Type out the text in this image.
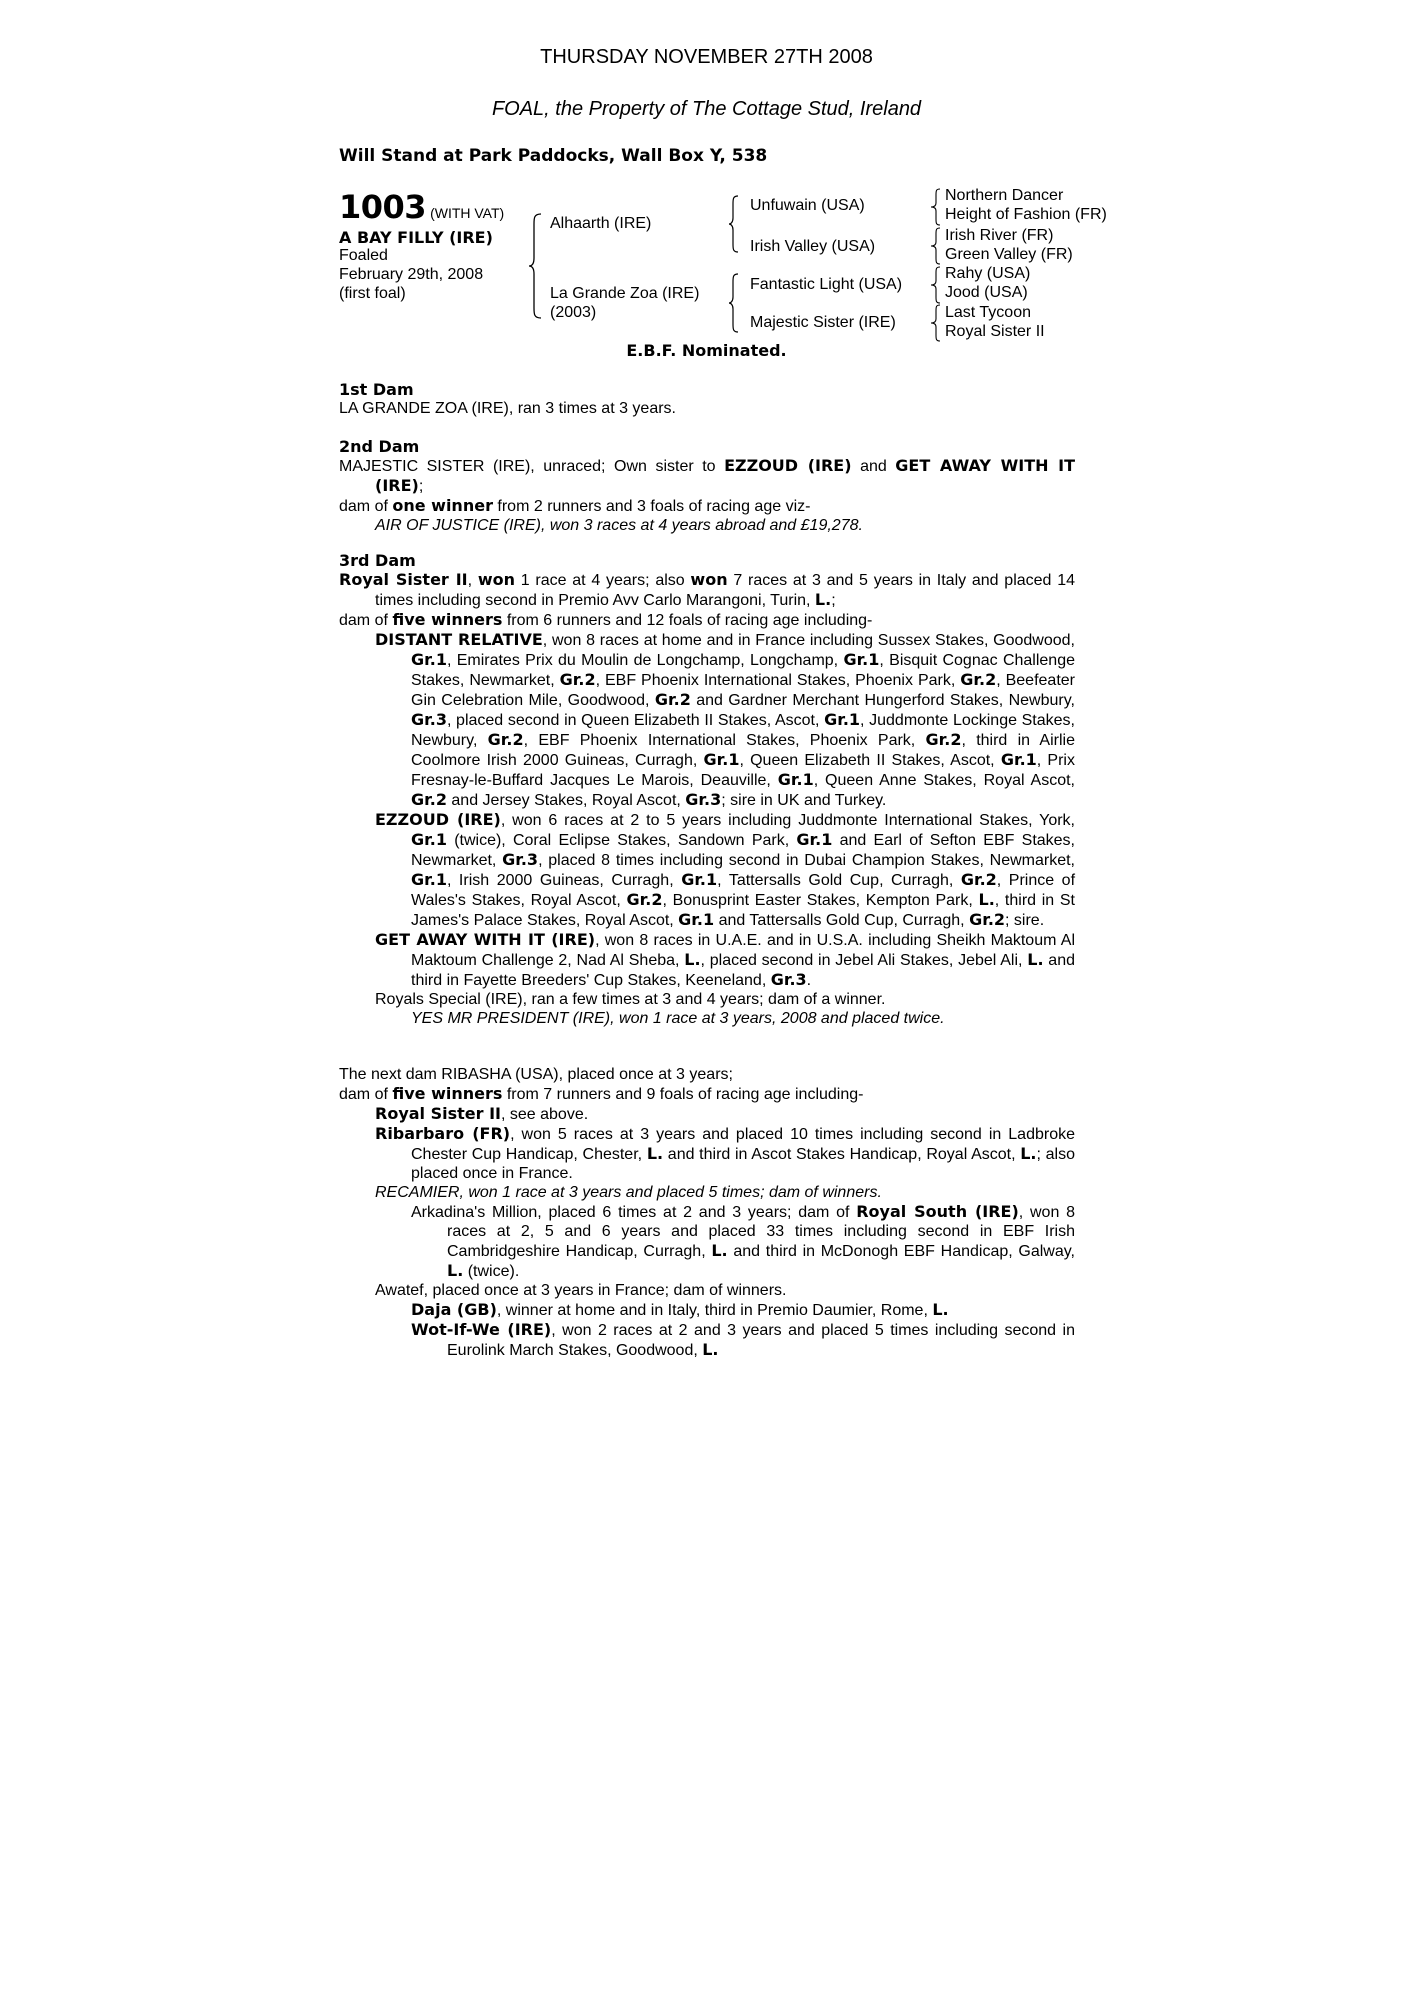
THURSDAY NOVEMBER 27TH 2008
FOAL, the Property of The Cottage Stud, Ireland
Will Stand at Park Paddocks, Wall Box Y, 538
1003 (WITH VAT)
A BAY FILLY (IRE)
Foaled
February 29th, 2008
(first foal)
Alhaarth (IRE)
La Grande Zoa (IRE)
(2003)
Unfuwain (USA)
Irish Valley (USA)
Fantastic Light (USA)
Majestic Sister (IRE)
Northern Dancer
Height of Fashion (FR)
Irish River (FR)
Green Valley (FR)
Rahy (USA)
Jood (USA)
Last Tycoon
Royal Sister II
E.B.F. Nominated.

1st Dam

LA GRANDE ZOA (IRE), ran 3 times at 3 years.

2nd Dam

MAJESTIC SISTER (IRE), unraced; Own sister to EZZOUD (IRE) and GET AWAY WITH IT (IRE);

dam of one winner from 2 runners and 3 foals of racing age viz-

AIR OF JUSTICE (IRE), won 3 races at 4 years abroad and £19,278.

3rd Dam

Royal Sister II, won 1 race at 4 years; also won 7 races at 3 and 5 years in Italy and placed 14 times including second in Premio Avv Carlo Marangoni, Turin, L.;

dam of five winners from 6 runners and 12 foals of racing age including-

DISTANT RELATIVE, won 8 races at home and in France including Sussex Stakes, Goodwood, Gr.1, Emirates Prix du Moulin de Longchamp, Longchamp, Gr.1, Bisquit Cognac Challenge Stakes, Newmarket, Gr.2, EBF Phoenix International Stakes, Phoenix Park, Gr.2, Beefeater Gin Celebration Mile, Goodwood, Gr.2 and Gardner Merchant Hungerford Stakes, Newbury, Gr.3, placed second in Queen Elizabeth II Stakes, Ascot, Gr.1, Juddmonte Lockinge Stakes, Newbury, Gr.2, EBF Phoenix International Stakes, Phoenix Park, Gr.2, third in Airlie Coolmore Irish 2000 Guineas, Curragh, Gr.1, Queen Elizabeth II Stakes, Ascot, Gr.1, Prix Fresnay-le-Buffard Jacques Le Marois, Deauville, Gr.1, Queen Anne Stakes, Royal Ascot, Gr.2 and Jersey Stakes, Royal Ascot, Gr.3; sire in UK and Turkey.

EZZOUD (IRE), won 6 races at 2 to 5 years including Juddmonte International Stakes, York, Gr.1 (twice), Coral Eclipse Stakes, Sandown Park, Gr.1 and Earl of Sefton EBF Stakes, Newmarket, Gr.3, placed 8 times including second in Dubai Champion Stakes, Newmarket, Gr.1, Irish 2000 Guineas, Curragh, Gr.1, Tattersalls Gold Cup, Curragh, Gr.2, Prince of Wales's Stakes, Royal Ascot, Gr.2, Bonusprint Easter Stakes, Kempton Park, L., third in St James's Palace Stakes, Royal Ascot, Gr.1 and Tattersalls Gold Cup, Curragh, Gr.2; sire.

GET AWAY WITH IT (IRE), won 8 races in U.A.E. and in U.S.A. including Sheikh Maktoum Al Maktoum Challenge 2, Nad Al Sheba, L., placed second in Jebel Ali Stakes, Jebel Ali, L. and third in Fayette Breeders' Cup Stakes, Keeneland, Gr.3.

Royals Special (IRE), ran a few times at 3 and 4 years; dam of a winner.

YES MR PRESIDENT (IRE), won 1 race at 3 years, 2008 and placed twice.

The next dam RIBASHA (USA), placed once at 3 years;

dam of five winners from 7 runners and 9 foals of racing age including-

Royal Sister II, see above.

Ribarbaro (FR), won 5 races at 3 years and placed 10 times including second in Ladbroke Chester Cup Handicap, Chester, L. and third in Ascot Stakes Handicap, Royal Ascot, L.; also placed once in France.

RECAMIER, won 1 race at 3 years and placed 5 times; dam of winners.

Arkadina's Million, placed 6 times at 2 and 3 years; dam of Royal South (IRE), won 8 races at 2, 5 and 6 years and placed 33 times including second in EBF Irish Cambridgeshire Handicap, Curragh, L. and third in McDonogh EBF Handicap, Galway, L. (twice).

Awatef, placed once at 3 years in France; dam of winners.

Daja (GB), winner at home and in Italy, third in Premio Daumier, Rome, L.

Wot-If-We (IRE), won 2 races at 2 and 3 years and placed 5 times including second in Eurolink March Stakes, Goodwood, L.
